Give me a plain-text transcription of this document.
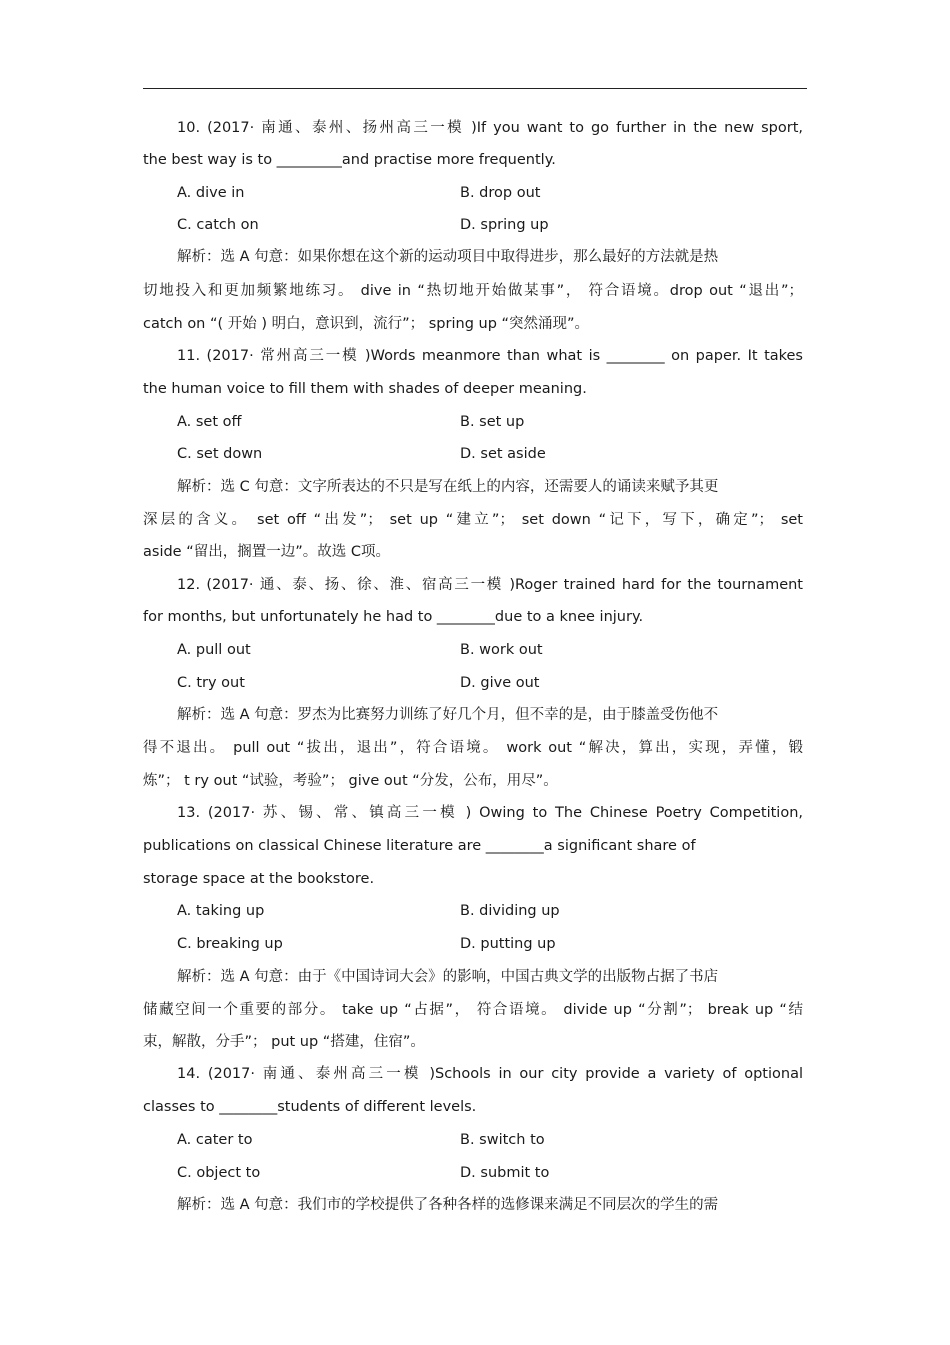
10. (2017· 南通、泰州、扬州高三一模 )If you want to go further in the new sport,
the best way is to _________and practise more frequently.
A. dive in	B. drop out
C. catch on	D. spring up
解析：选 A 句意：如果你想在这个新的运动项目中取得进步，那么最好的方法就是热
切地投入和更加频繁地练习。 dive in “热切地开始做某事”， 符合语境。drop out “退出”；
catch on “( 开始 ) 明白，意识到，流行”； spring up “突然涌现”。
11. (2017· 常州高三一模 )Words meanmore than what is ________ on paper. It takes
the human voice to fill them with shades of deeper meaning.
A. set off	B. set up
C. set down	D. set aside
解析：选 C 句意：文字所表达的不只是写在纸上的内容，还需要人的诵读来赋予其更
深层的含义。 set off “出发”； set up “建立”； set down “记下，写下，确定”； set
aside “留出，搁置一边”。故选 C项。
12. (2017· 通、泰、扬、徐、淮、宿高三一模 )Roger trained hard for the tournament
for months, but unfortunately he had to ________due to a knee injury.
A. pull out	B. work out
C. try out	D. give out
解析：选 A 句意：罗杰为比赛努力训练了好几个月，但不幸的是，由于膝盖受伤他不
得不退出。 pull out “拔出，退出”，符合语境。 work out “解决，算出，实现，弄懂，锻
炼”； t ry out “试验，考验”； give out “分发，公布，用尽”。
13. (2017· 苏、锡、常、镇高三一模 ) Owing to The Chinese Poetry Competition,
publications on classical Chinese literature are ________a significant share of
storage space at the bookstore.
A. taking up	B. dividing up
C. breaking up	D. putting up
解析：选 A 句意：由于《中国诗词大会》的影响，中国古典文学的出版物占据了书店
储藏空间一个重要的部分。 take up “占据”， 符合语境。 divide up “分割”； break up “结
束，解散，分手”； put up “搭建，住宿”。
14. (2017· 南通、泰州高三一模 )Schools in our city provide a variety of optional
classes to ________students of different levels.
A. cater to	B. switch to
C. object to	D. submit to
解析：选 A 句意：我们市的学校提供了各种各样的选修课来满足不同层次的学生的需
